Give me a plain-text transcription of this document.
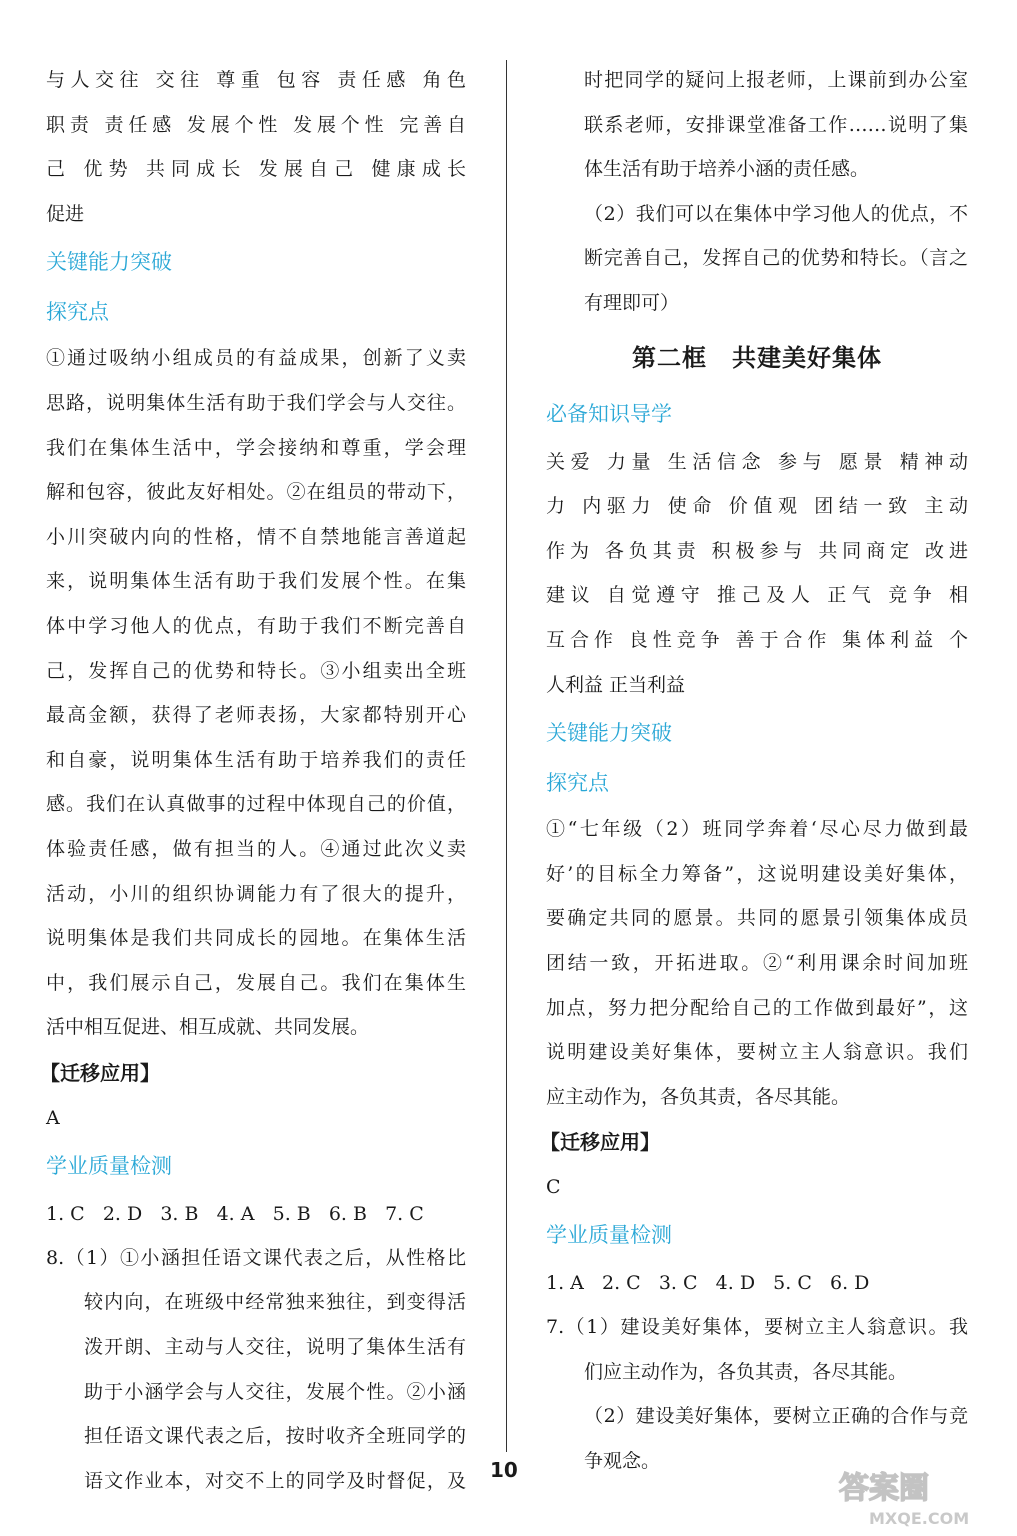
与人交往 交往 尊重 包容 责任感 角色
职责 责任感 发展个性 发展个性 完善自
己 优势 共同成长 发展自己 健康成长
促进
关键能力突破
探究点
①通过吸纳小组成员的有益成果，创新了义卖
思路，说明集体生活有助于我们学会与人交往。
我们在集体生活中，学会接纳和尊重，学会理
解和包容，彼此友好相处。②在组员的带动下，
小川突破内向的性格，情不自禁地能言善道起
来，说明集体生活有助于我们发展个性。在集
体中学习他人的优点，有助于我们不断完善自
己，发挥自己的优势和特长。③小组卖出全班
最高金额，获得了老师表扬，大家都特别开心
和自豪，说明集体生活有助于培养我们的责任
感。我们在认真做事的过程中体现自己的价值，
体验责任感，做有担当的人。④通过此次义卖
活动，小川的组织协调能力有了很大的提升，
说明集体是我们共同成长的园地。在集体生活
中，我们展示自己，发展自己。我们在集体生
活中相互促进、相互成就、共同发展。
【迁移应用】
A
学业质量检测
1. C   2. D   3. B   4. A   5. B   6. B   7. C
8.（1）①小涵担任语文课代表之后，从性格比
较内向，在班级中经常独来独往，到变得活
泼开朗、主动与人交往，说明了集体生活有
助于小涵学会与人交往，发展个性。②小涵
担任语文课代表之后，按时收齐全班同学的
语文作业本，对交不上的同学及时督促，及
时把同学的疑问上报老师，上课前到办公室
联系老师，安排课堂准备工作……说明了集
体生活有助于培养小涵的责任感。
（2）我们可以在集体中学习他人的优点，不
断完善自己，发挥自己的优势和特长。（言之
有理即可）
第二框　共建美好集体
必备知识导学
关爱 力量 生活信念 参与 愿景 精神动
力 内驱力 使命 价值观 团结一致 主动
作为 各负其责 积极参与 共同商定 改进
建议 自觉遵守 推己及人 正气 竞争 相
互合作 良性竞争 善于合作 集体利益 个
人利益 正当利益
关键能力突破
探究点
①“七年级（2）班同学奔着‘尽心尽力做到最
好’的目标全力筹备”，这说明建设美好集体，
要确定共同的愿景。共同的愿景引领集体成员
团结一致，开拓进取。②“利用课余时间加班
加点，努力把分配给自己的工作做到最好”，这
说明建设美好集体，要树立主人翁意识。我们
应主动作为，各负其责，各尽其能。
【迁移应用】
C
学业质量检测
1. A   2. C   3. C   4. D   5. C   6. D
7.（1）建设美好集体，要树立主人翁意识。我
们应主动作为，各负其责，各尽其能。
（2）建设美好集体，要树立正确的合作与竞
争观念。
10
答案圈
MXQE.COM
